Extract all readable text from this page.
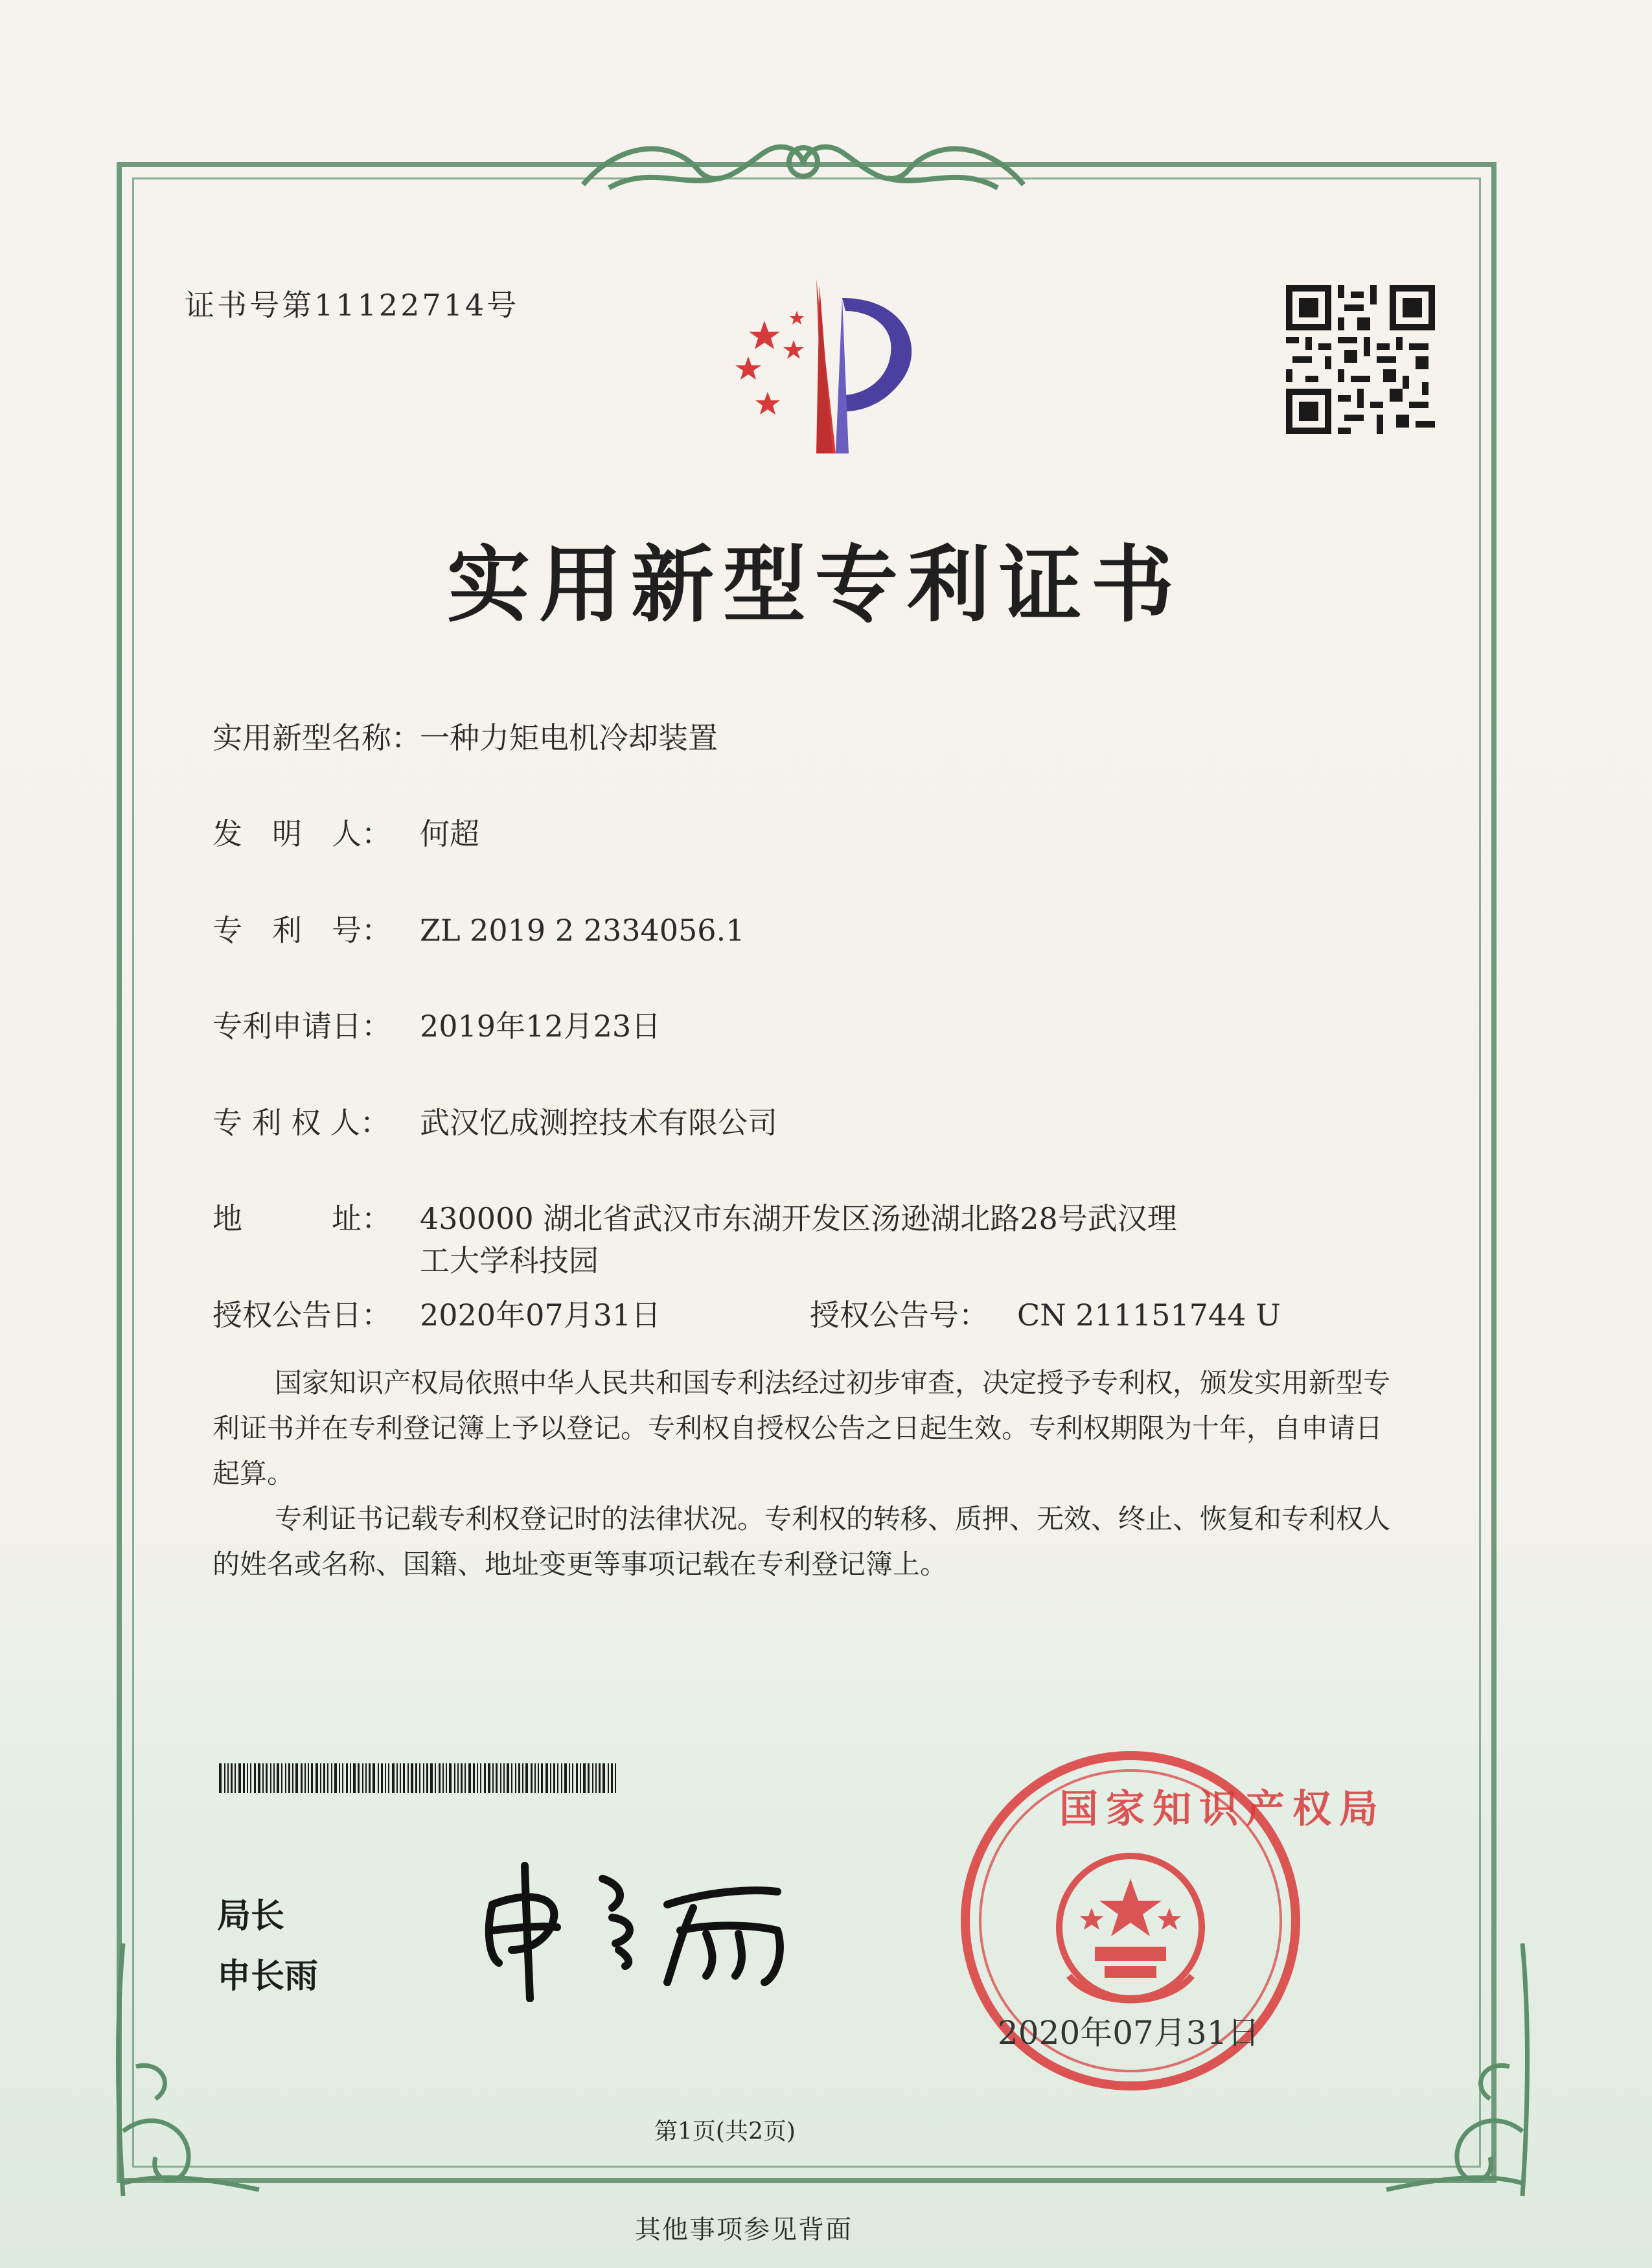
证书号第11122714号
实用新型专利证书
实用新型名称：一种力矩电机冷却装置
发　明　人： 何超
专　利　号： ZL 2019 2 2334056.1
专利申请日： 2019年12月23日
专 利 权 人： 武汉忆成测控技术有限公司
地　　　址： 430000 湖北省武汉市东湖开发区汤逊湖北路28号武汉理
工大学科技园
授权公告日： 2020年07月31日	授权公告号： CN 211151744 U

国家知识产权局依照中华人民共和国专利法经过初步审查，决定授予专利权，颁发实用新型专利证书并在专利登记簿上予以登记。专利权自授权公告之日起生效。专利权期限为十年，自申请日起算。

专利证书记载专利权登记时的法律状况。专利权的转移、质押、无效、终止、恢复和专利权人的姓名或名称、国籍、地址变更等事项记载在专利登记簿上。

局长
申长雨
国家知识产权局
2020年07月31日
第1页(共2页)
其他事项参见背面
